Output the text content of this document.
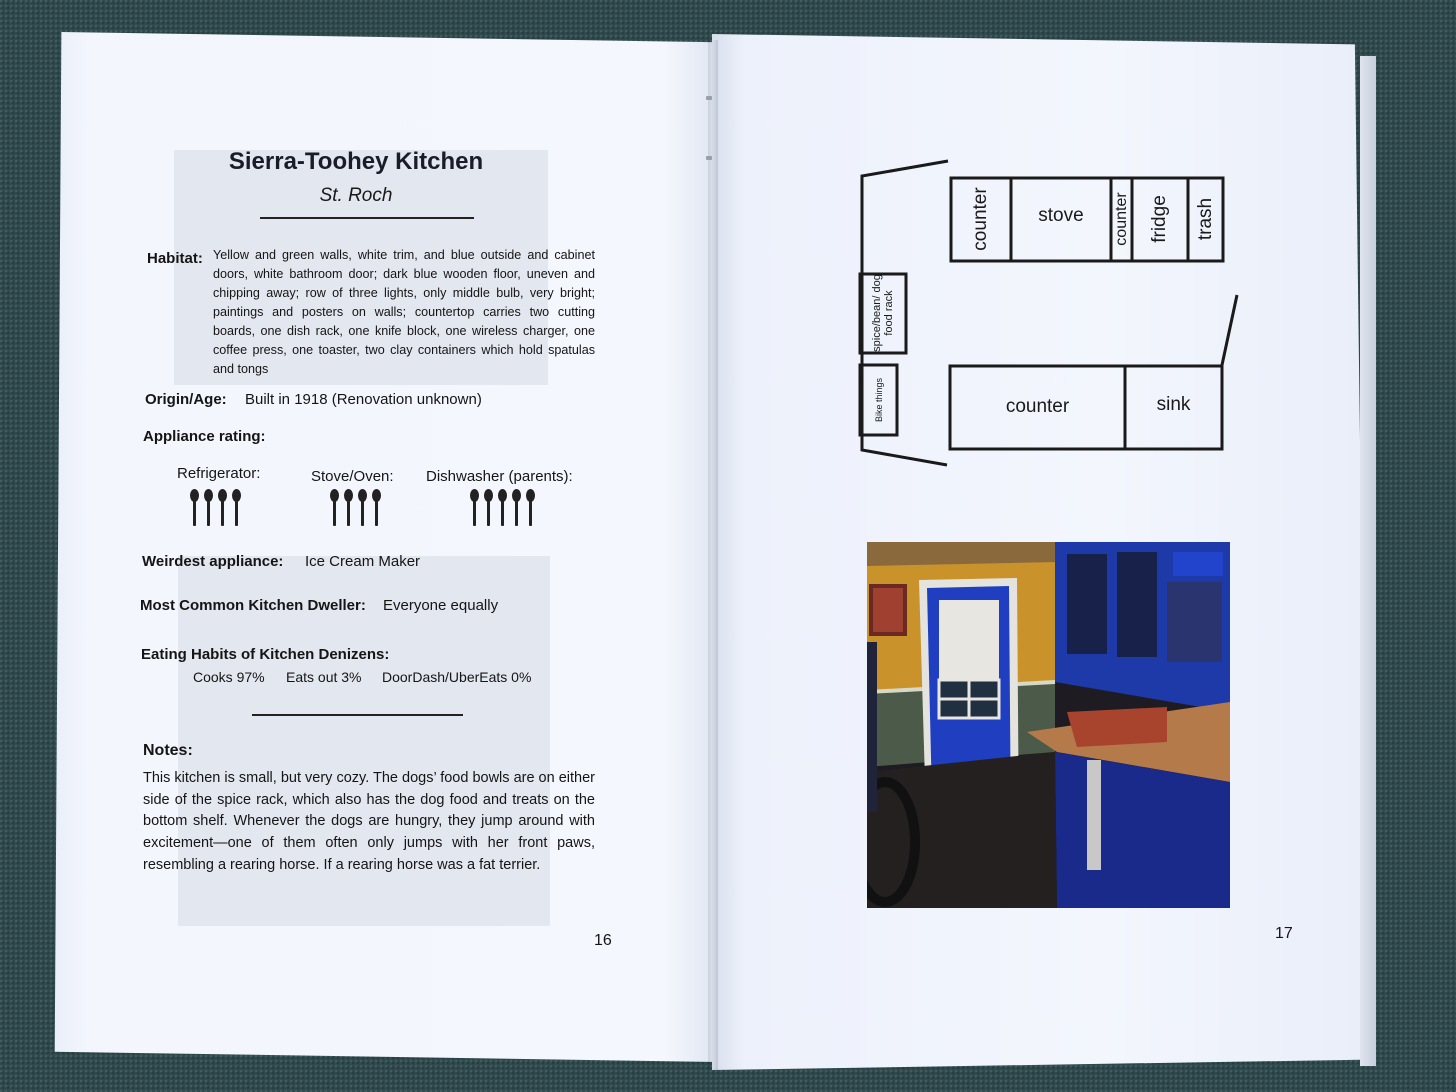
Sierra-Toohey Kitchen
St. Roch
Habitat: Yellow and green walls, white trim, and blue outside and cabinet doors, white bathroom door; dark blue wooden floor, uneven and chipping away; row of three lights, only middle bulb, very bright; paintings and posters on walls; countertop carries two cutting boards, one dish rack, one knife block, one wireless charger, one coffee press, one toaster, two clay containers which hold spatulas and tongs
Origin/Age: Built in 1918 (Renovation unknown)
Appliance rating:
Refrigerator:	Stove/Oven: Dishwasher (parents):
Weirdest appliance: Ice Cream Maker
Most Common Kitchen Dweller: Everyone equally
Eating Habits of Kitchen Denizens:
Cooks 97% Eats out 3% DoorDash/UberEats 0%
Notes:
This kitchen is small, but very cozy. The dogs’ food bowls are on either side of the spice rack, which also has the dog food and treats on the bottom shelf. Whenever the dogs are hungry, they jump around with excitement—one of them often only jumps with her front paws, resembling a rearing horse. If a rearing horse was a fat terrier.
16
counter	stove	counter fridge trash
spice/bean/ dog food rack
Bike things	counter	sink
17
